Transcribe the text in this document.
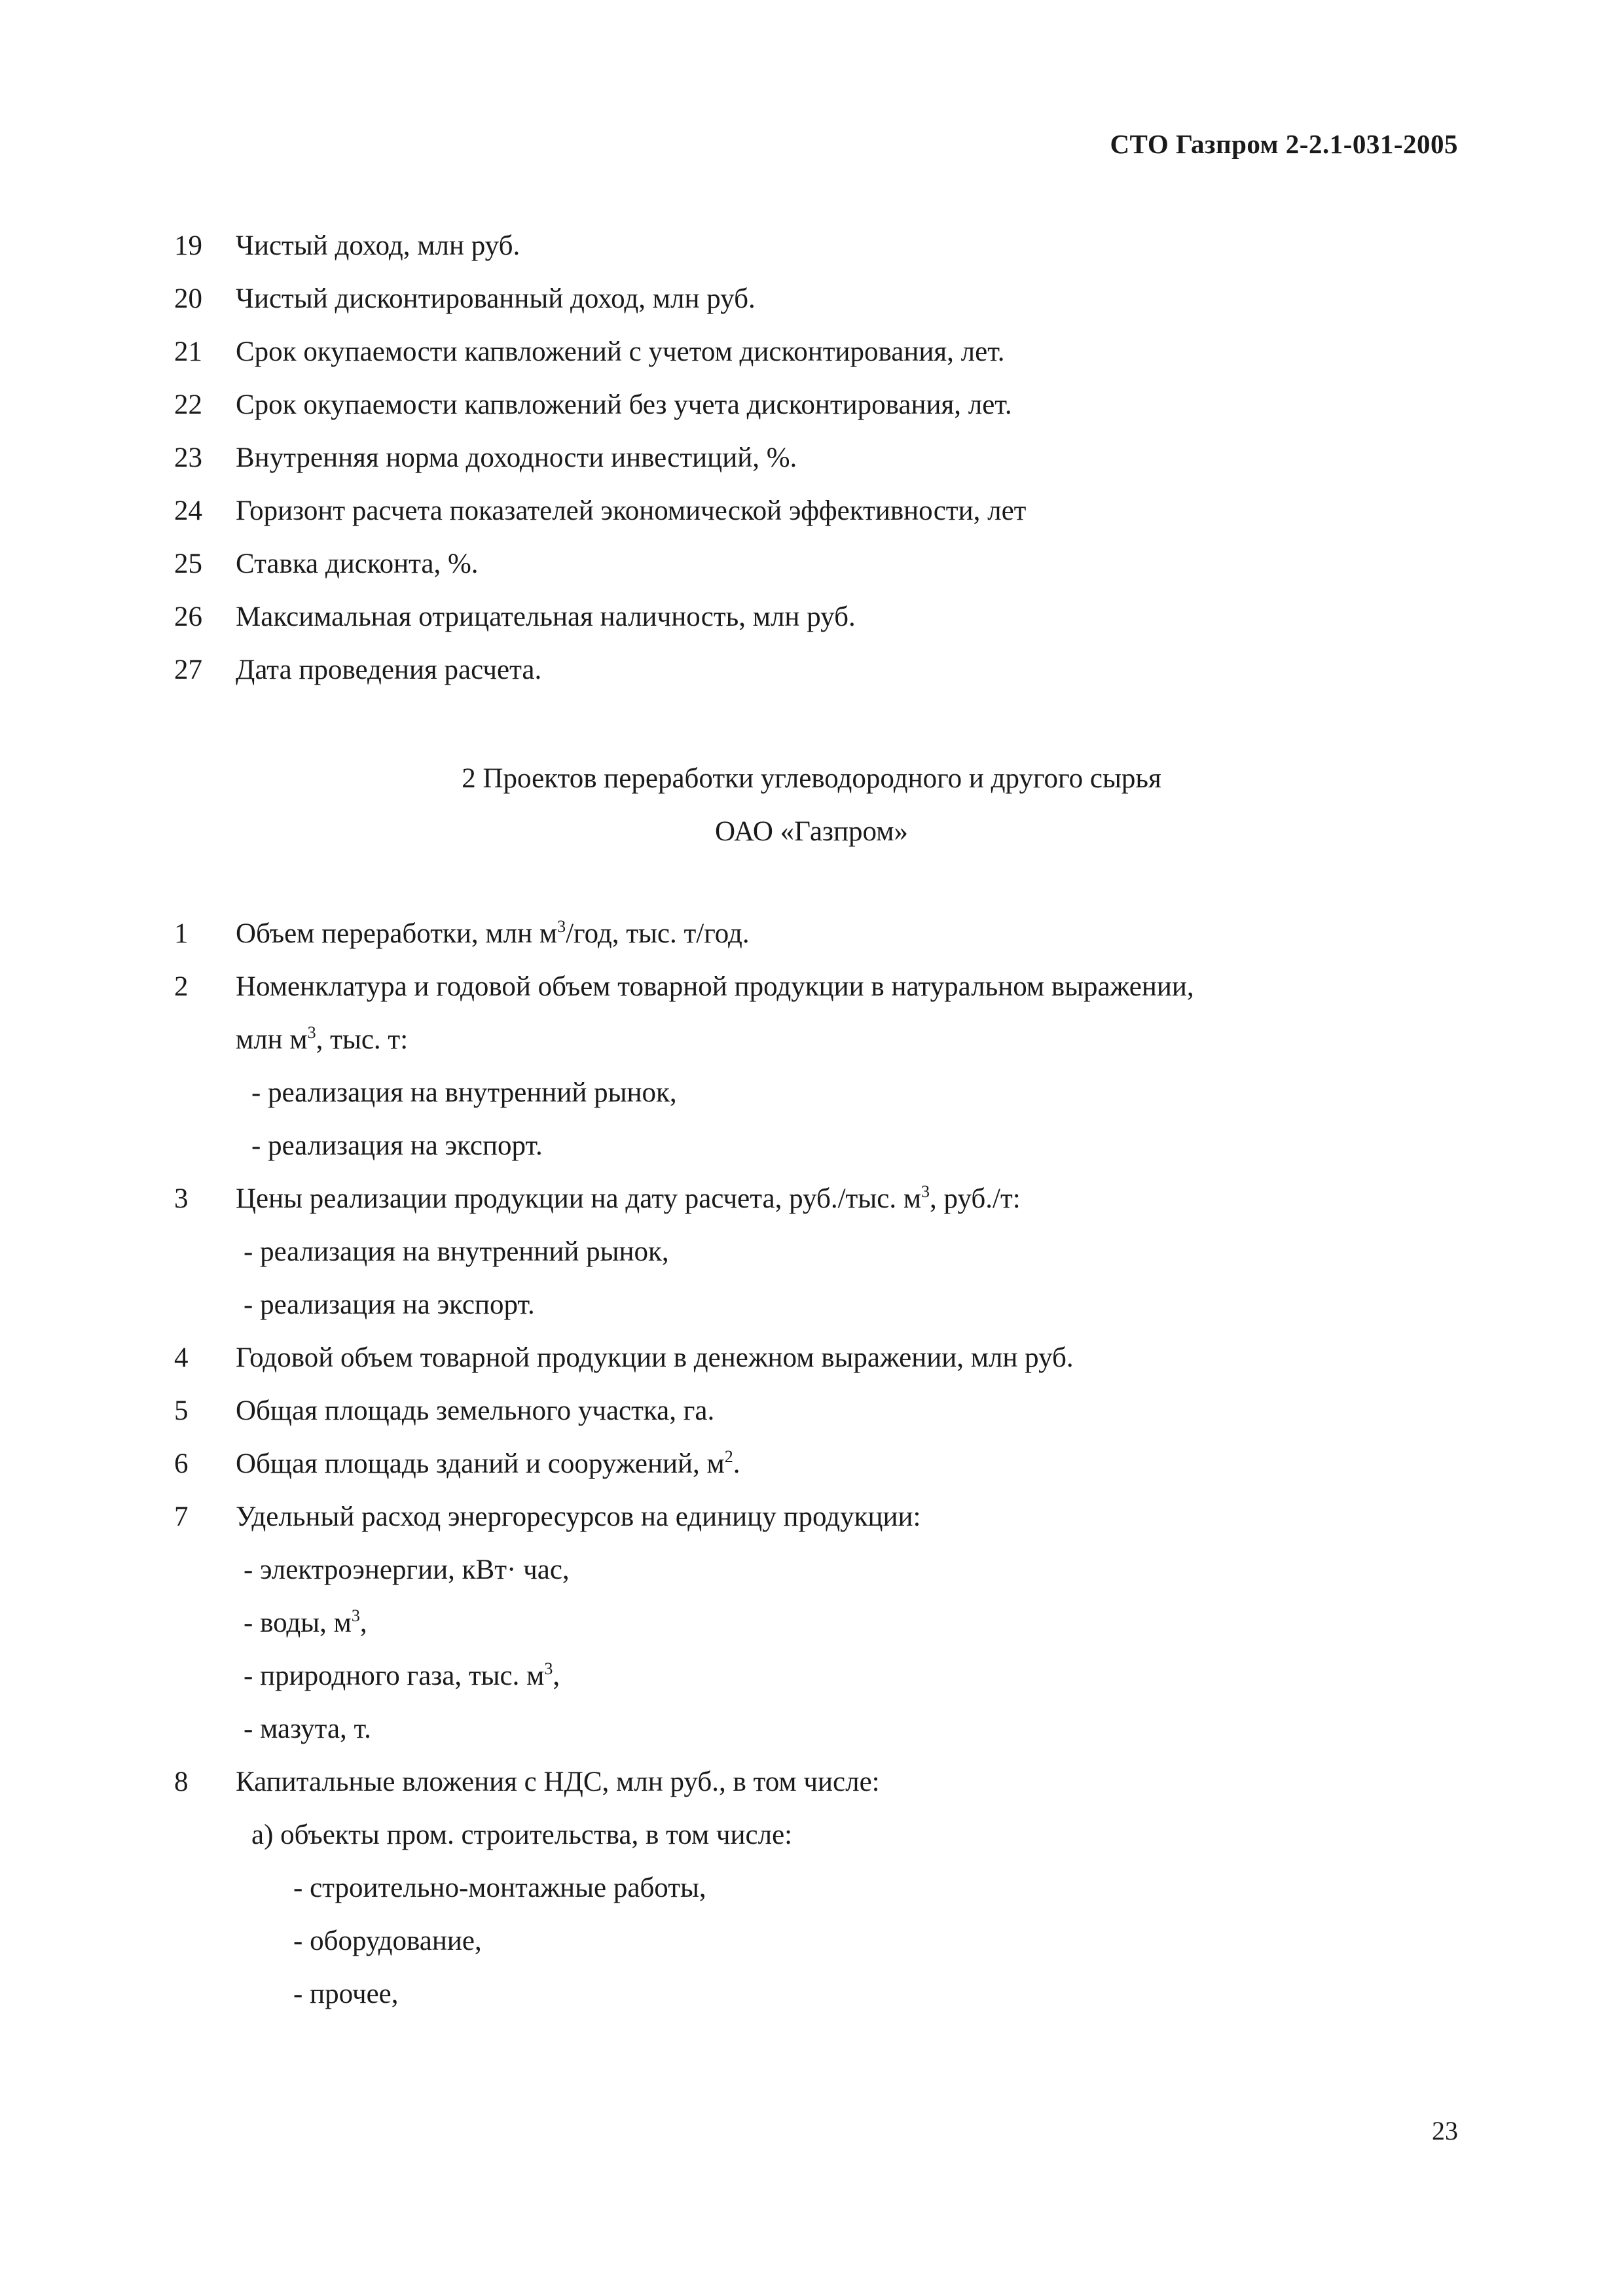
СТО Газпром 2-2.1-031-2005
19	Чистый доход, млн руб.
20	Чистый дисконтированный доход, млн руб.
21	Срок окупаемости капвложений с учетом дисконтирования, лет.
22	Срок окупаемости капвложений без учета дисконтирования, лет.
23	Внутренняя норма доходности инвестиций, %.
24	Горизонт расчета показателей экономической эффективности, лет
25	Ставка дисконта, %.
26	Максимальная отрицательная наличность, млн руб.
27	Дата проведения расчета.
2 Проектов переработки углеводородного и другого сырья
ОАО «Газпром»
1	Объем переработки, млн $м^3$/год, тыс. т/год.
2	Номенклатура и годовой объем товарной продукции в натуральном выражении,
млн $м^3$, тыс. т:
- реализация на внутренний рынок,
- реализация на экспорт.
3	Цены реализации продукции на дату расчета, руб./тыс. $м^3$, руб./т:
- реализация на внутренний рынок,
- реализация на экспорт.
4	Годовой объем товарной продукции в денежном выражении, млн руб.
5	Общая площадь земельного участка, га.
6	Общая площадь зданий и сооружений, $м^2$.
7	Удельный расход энергоресурсов на единицу продукции:
- электроэнергии, кВт· час,
- воды, $м^3$,
- природного газа, тыс. $м^3$,
- мазута, т.
8	Капитальные вложения с НДС, млн руб., в том числе:
а) объекты пром. строительства, в том числе:
- строительно-монтажные работы,
- оборудование,
- прочее,
23
